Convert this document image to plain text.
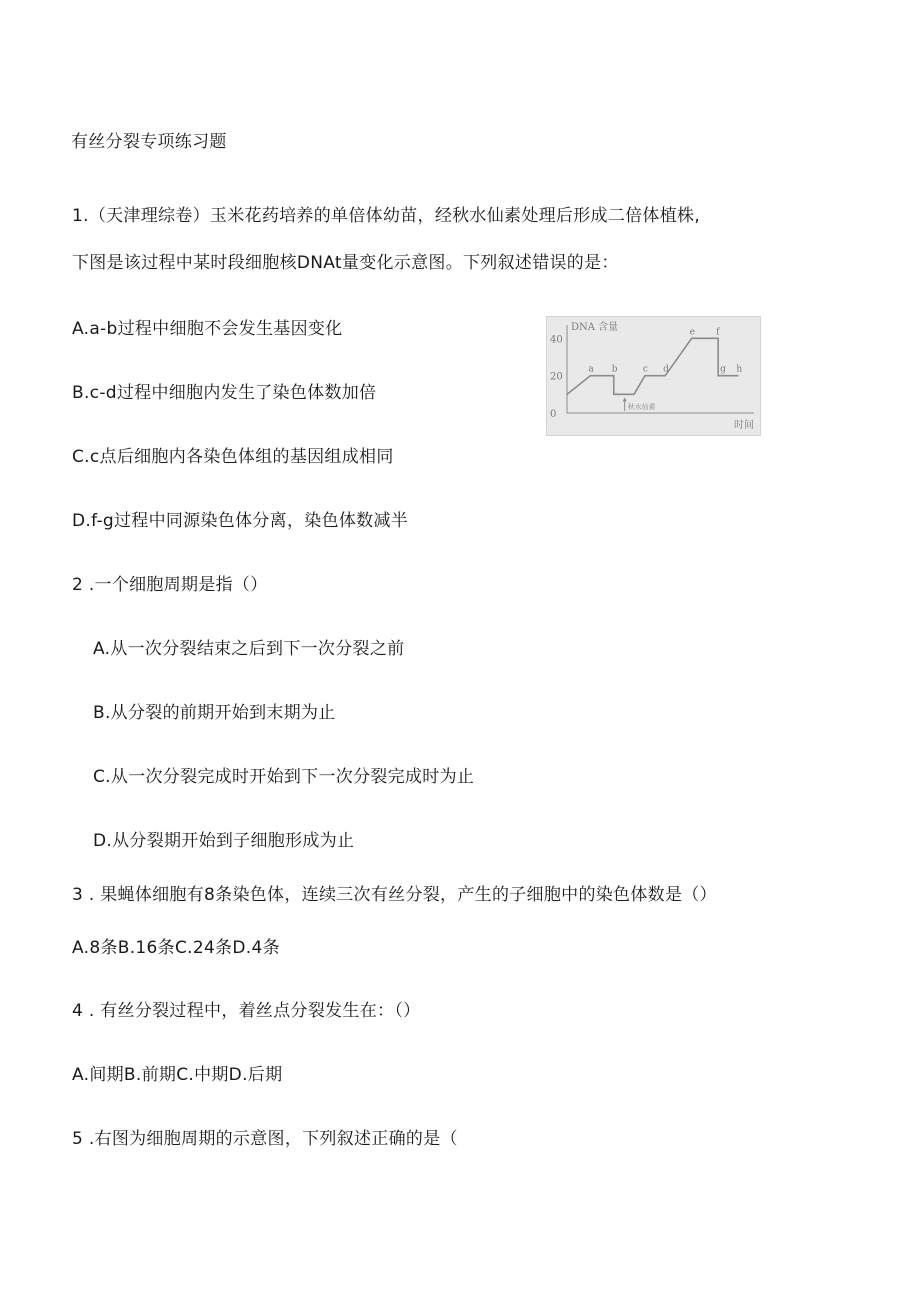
有丝分裂专项练习题
1.（天津理综卷）玉米花药培养的单倍体幼苗，经秋水仙素处理后形成二倍体植株,
下图是该过程中某时段细胞核DNAt量变化示意图。下列叙述错误的是：
A.a-b过程中细胞不会发生基因变化
B.c-d过程中细胞内发生了染色体数加倍
C.c点后细胞内各染色体组的基因组成相同
D.f-g过程中同源染色体分离，染色体数减半
DNA 含量
时间
0
20
40
a b	c d
e f
g h
秋水仙素
2 .一个细胞周期是指（）
A.从一次分裂结束之后到下一次分裂之前
B.从分裂的前期开始到末期为止
C.从一次分裂完成时开始到下一次分裂完成时为止
D.从分裂期开始到子细胞形成为止
3 . 果蝇体细胞有8条染色体，连续三次有丝分裂，产生的子细胞中的染色体数是（）
A.8条B.16条C.24条D.4条
4 . 有丝分裂过程中，着丝点分裂发生在：（）
A.间期B.前期C.中期D.后期
5 .右图为细胞周期的示意图，下列叙述正确的是（
